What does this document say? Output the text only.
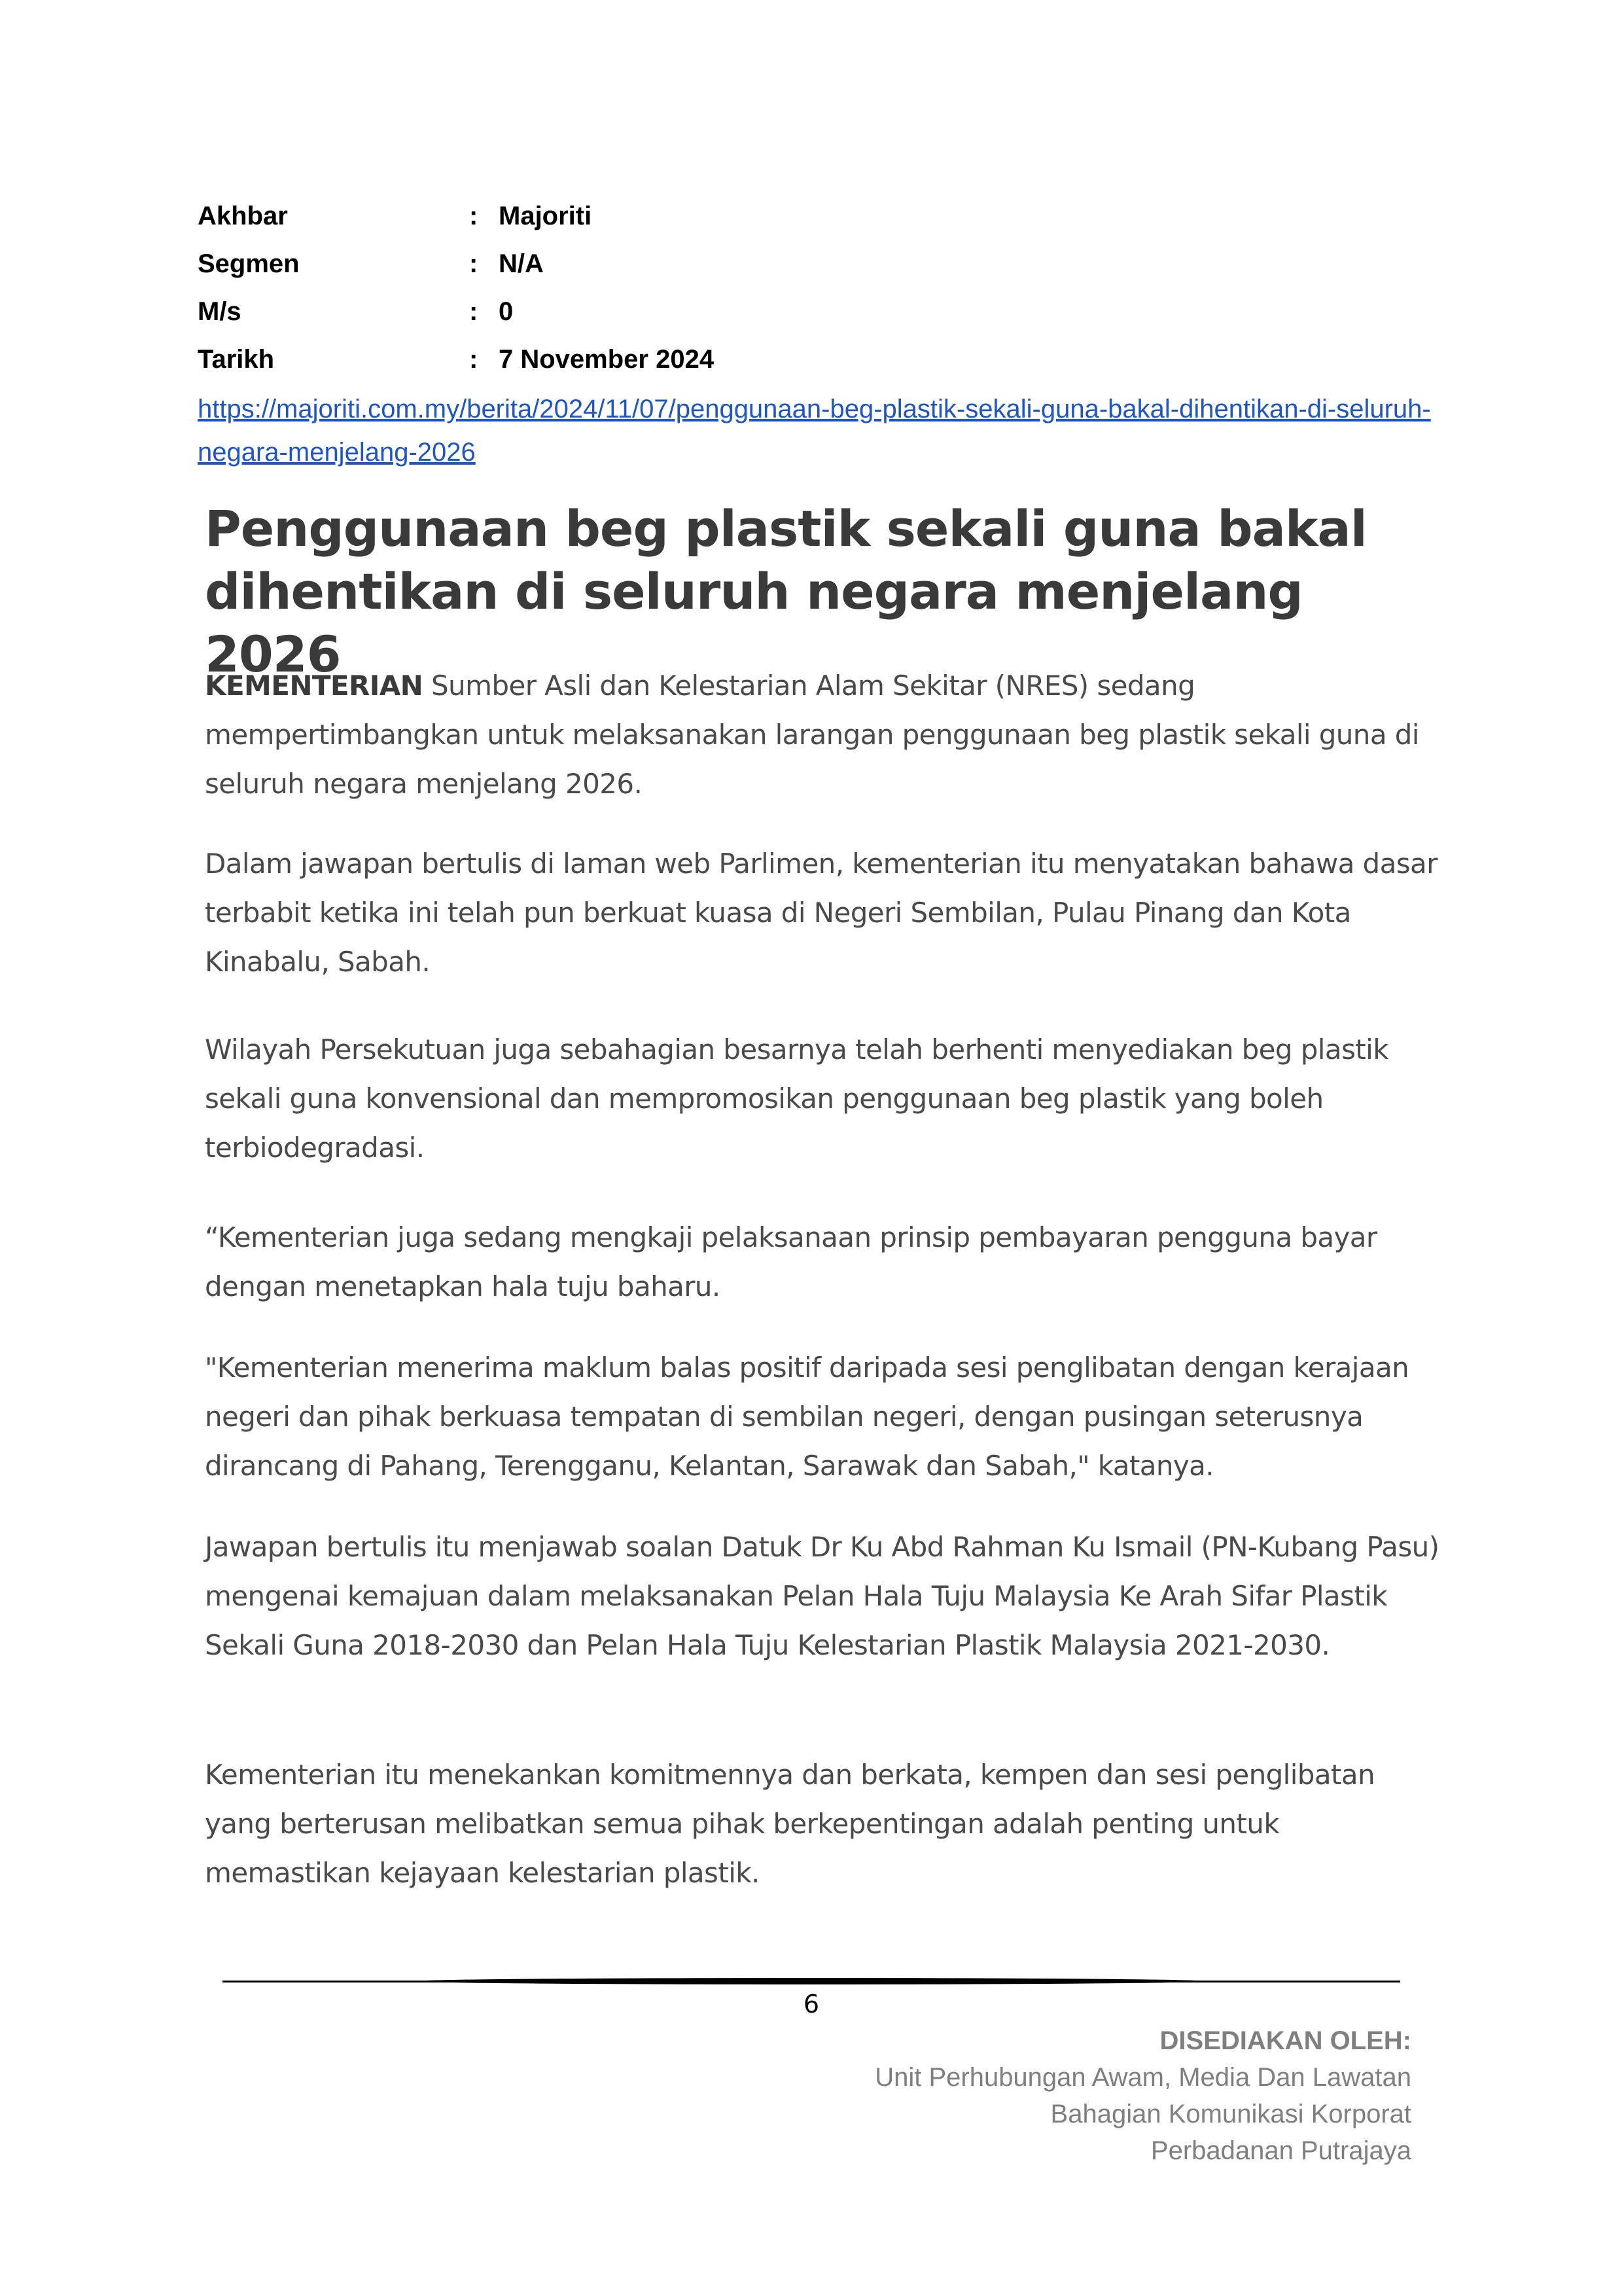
Akhbar	: Majoriti
Segmen	: N/A
M/s	: 0
Tarikh	: 7 November 2024
https://majoriti.com.my/berita/2024/11/07/penggunaan-beg-plastik-sekali-guna-bakal-dihentikan-di-seluruh-negara-menjelang-2026
Penggunaan beg plastik sekali guna bakal
dihentikan di seluruh negara menjelang 2026

KEMENTERIAN Sumber Asli dan Kelestarian Alam Sekitar (NRES) sedang mempertimbangkan untuk melaksanakan larangan penggunaan beg plastik sekali guna di seluruh negara menjelang 2026.

Dalam jawapan bertulis di laman web Parlimen, kementerian itu menyatakan bahawa dasar terbabit ketika ini telah pun berkuat kuasa di Negeri Sembilan, Pulau Pinang dan Kota Kinabalu, Sabah.

Wilayah Persekutuan juga sebahagian besarnya telah berhenti menyediakan beg plastik sekali guna konvensional dan mempromosikan penggunaan beg plastik yang boleh terbiodegradasi.

“Kementerian juga sedang mengkaji pelaksanaan prinsip pembayaran pengguna bayar dengan menetapkan hala tuju baharu.

"Kementerian menerima maklum balas positif daripada sesi penglibatan dengan kerajaan negeri dan pihak berkuasa tempatan di sembilan negeri, dengan pusingan seterusnya dirancang di Pahang, Terengganu, Kelantan, Sarawak dan Sabah," katanya.

Jawapan bertulis itu menjawab soalan Datuk Dr Ku Abd Rahman Ku Ismail (PN-Kubang Pasu) mengenai kemajuan dalam melaksanakan Pelan Hala Tuju Malaysia Ke Arah Sifar Plastik Sekali Guna 2018-2030 dan Pelan Hala Tuju Kelestarian Plastik Malaysia 2021-2030.

Kementerian itu menekankan komitmennya dan berkata, kempen dan sesi penglibatan yang berterusan melibatkan semua pihak berkepentingan adalah penting untuk memastikan kejayaan kelestarian plastik.

6
DISEDIAKAN OLEH:
Unit Perhubungan Awam, Media Dan Lawatan
Bahagian Komunikasi Korporat
Perbadanan Putrajaya
